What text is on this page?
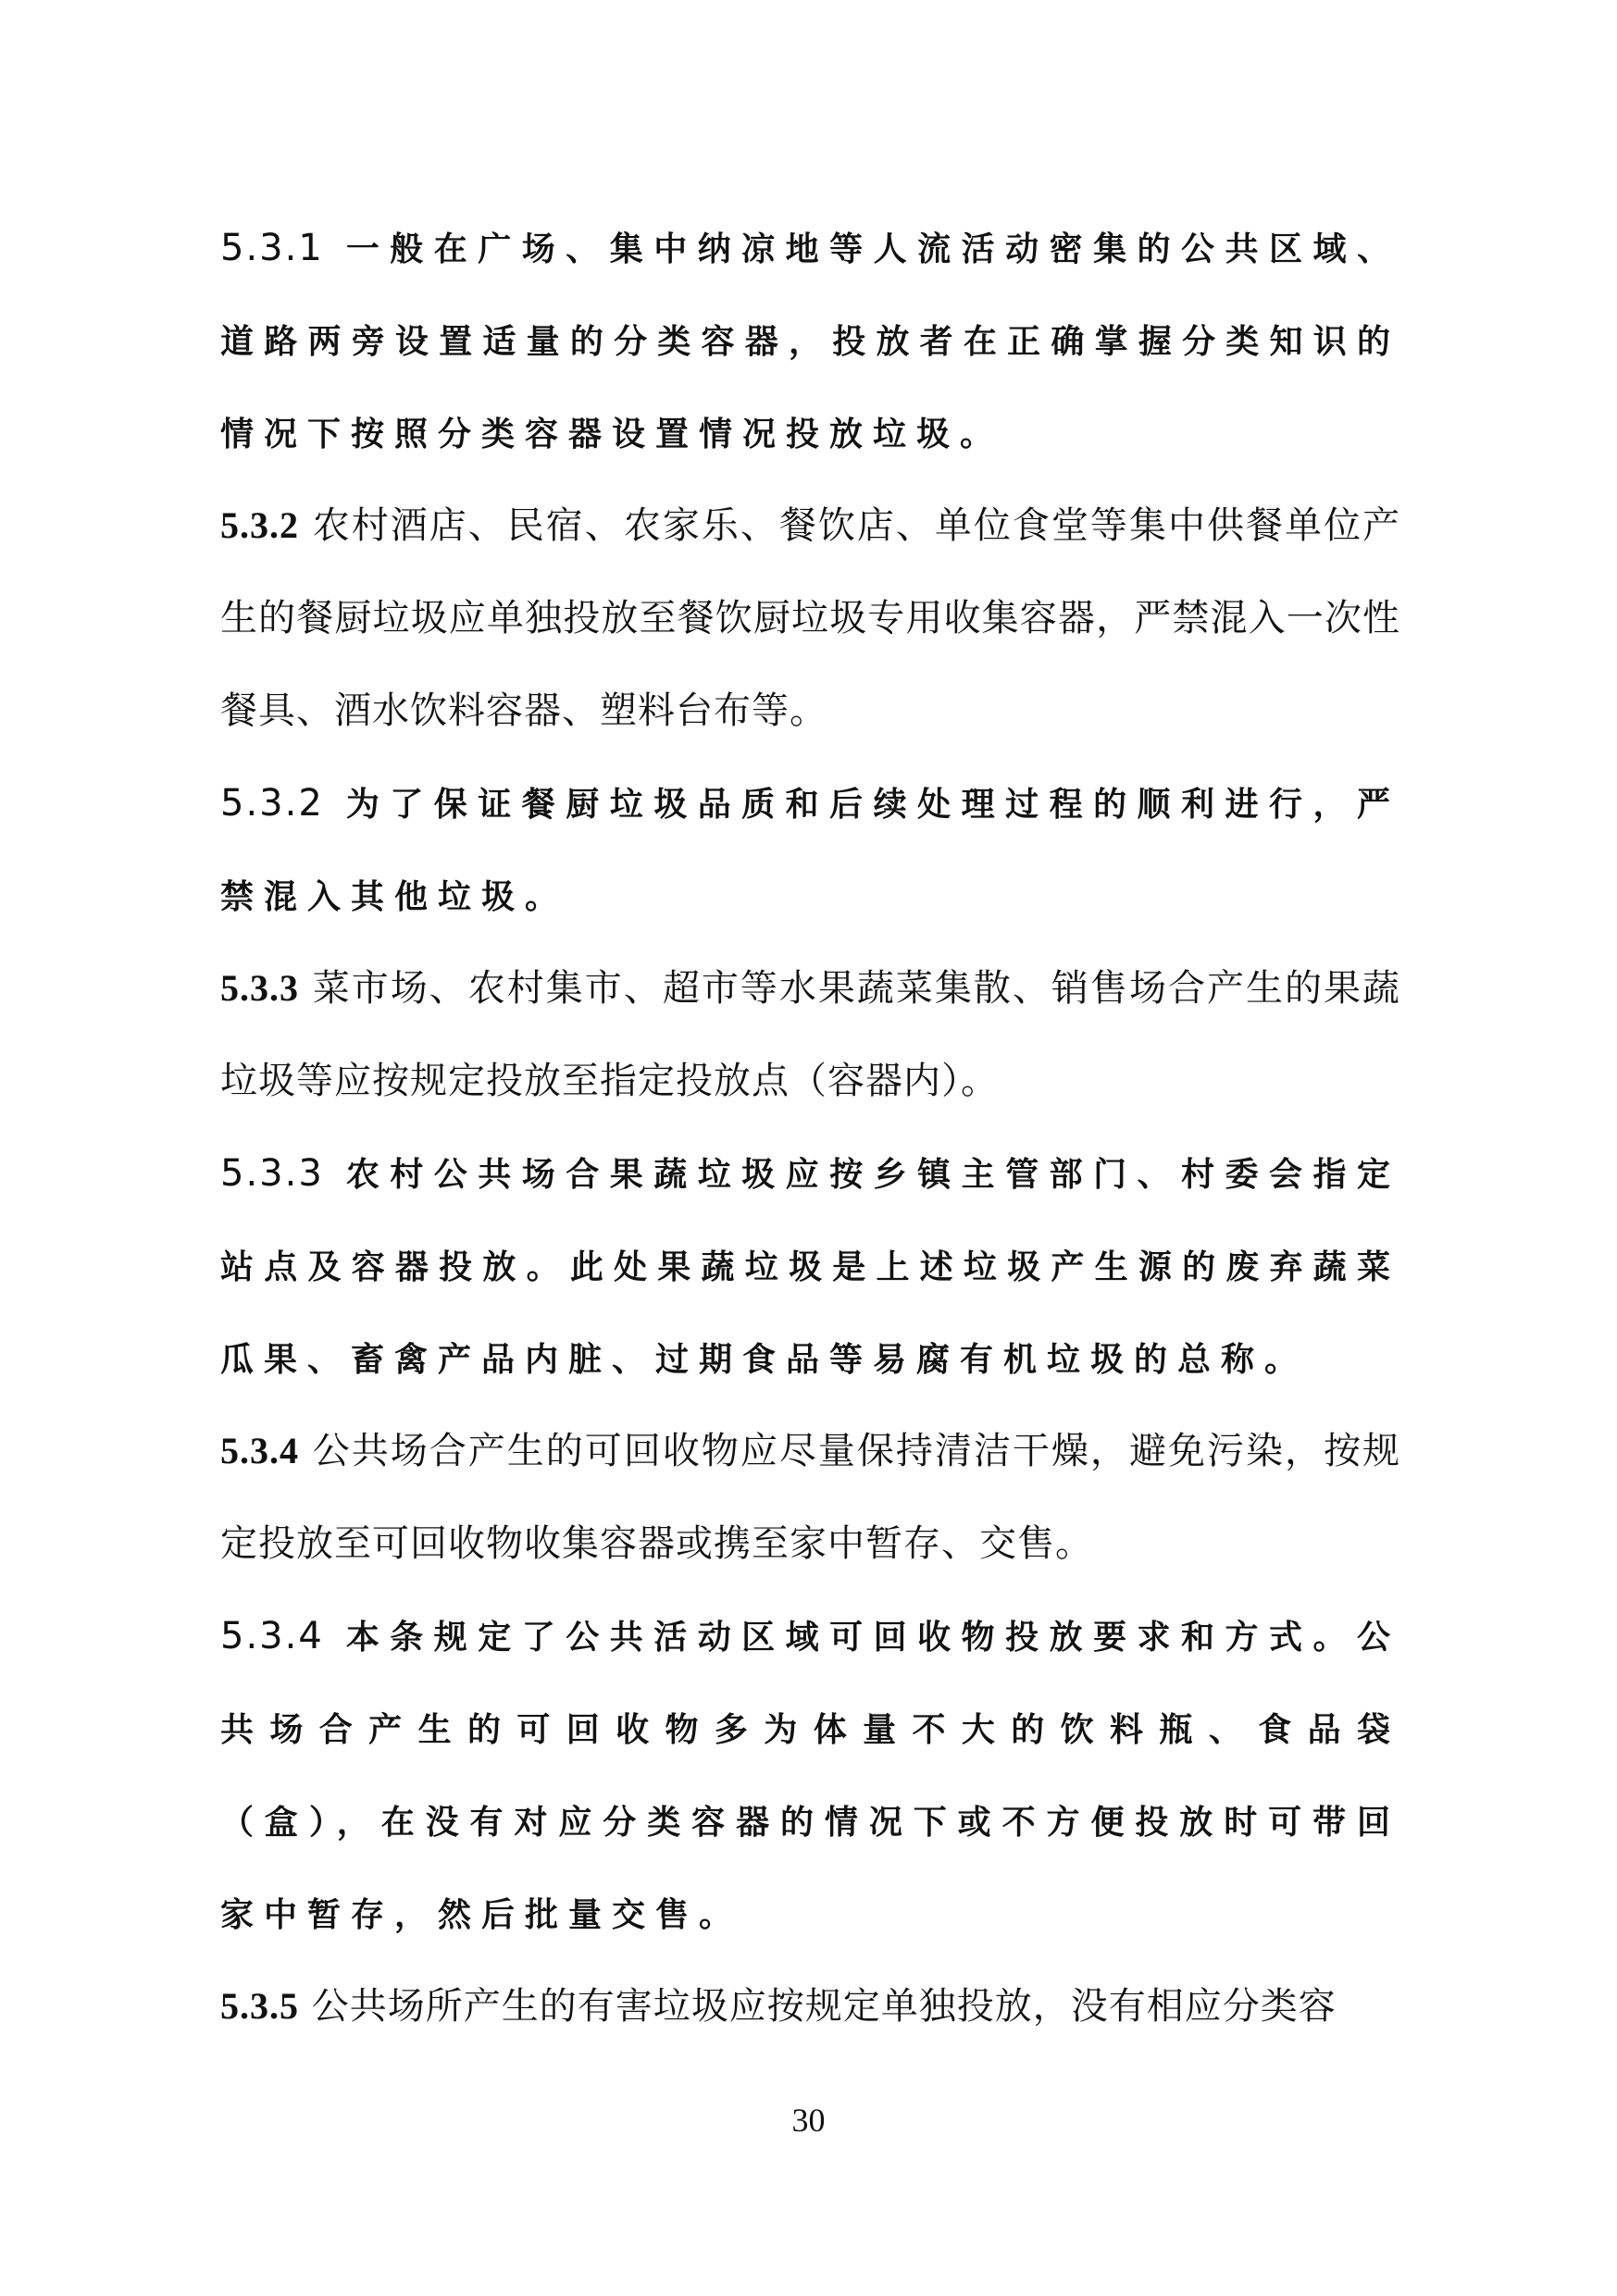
5.3.1 一般在广场、集中纳凉地等人流活动密集的公共区域、道路两旁设置适量的分类容器，投放者在正确掌握分类知识的情况下按照分类容器设置情况投放垃圾。

5.3.2 农村酒店、民宿、农家乐、餐饮店、单位食堂等集中供餐单位产生的餐厨垃圾应单独投放至餐饮厨垃圾专用收集容器，严禁混入一次性餐具、酒水饮料容器、塑料台布等。

5.3.2 为了保证餐厨垃圾品质和后续处理过程的顺利进行，严禁混入其他垃圾。

5.3.3 菜市场、农村集市、超市等水果蔬菜集散、销售场合产生的果蔬垃圾等应按规定投放至指定投放点（容器内）。

5.3.3 农村公共场合果蔬垃圾应按乡镇主管部门、村委会指定站点及容器投放。此处果蔬垃圾是上述垃圾产生源的废弃蔬菜瓜果、畜禽产品内脏、过期食品等易腐有机垃圾的总称。

5.3.4 公共场合产生的可回收物应尽量保持清洁干燥，避免污染，按规定投放至可回收物收集容器或携至家中暂存、交售。

5.3.4 本条规定了公共活动区域可回收物投放要求和方式。公共场合产生的可回收物多为体量不大的饮料瓶、食品袋（盒），在没有对应分类容器的情况下或不方便投放时可带回家中暂存，然后批量交售。

5.3.5 公共场所产生的有害垃圾应按规定单独投放，没有相应分类容

30
